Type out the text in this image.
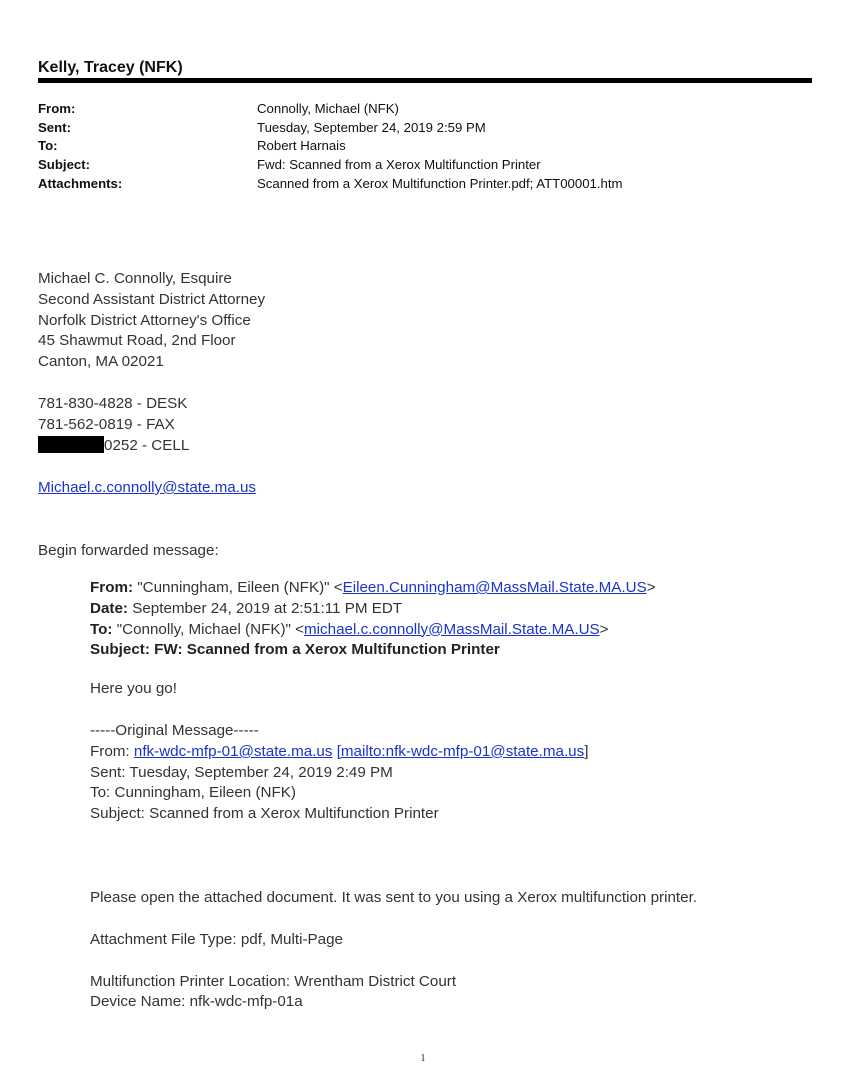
Kelly, Tracey (NFK)
From:	Connolly, Michael (NFK)
Sent:	Tuesday, September 24, 2019 2:59 PM
To:	Robert Harnais
Subject:	Fwd: Scanned from a Xerox Multifunction Printer
Attachments:	Scanned from a Xerox Multifunction Printer.pdf; ATT00001.htm
Michael C. Connolly, Esquire
Second Assistant District Attorney
Norfolk District Attorney's Office
45 Shawmut Road, 2nd Floor
Canton, MA 02021
781-830-4828 - DESK
781-562-0819 - FAX
0252 - CELL
Michael.c.connolly@state.ma.us
Begin forwarded message:
From: "Cunningham, Eileen (NFK)" <Eileen.Cunningham@MassMail.State.MA.US>
Date: September 24, 2019 at 2:51:11 PM EDT
To: "Connolly, Michael (NFK)" <michael.c.connolly@MassMail.State.MA.US>
Subject: FW: Scanned from a Xerox Multifunction Printer
Here you go!
-----Original Message-----
From: nfk-wdc-mfp-01@state.ma.us [mailto:nfk-wdc-mfp-01@state.ma.us]
Sent: Tuesday, September 24, 2019 2:49 PM
To: Cunningham, Eileen (NFK)
Subject: Scanned from a Xerox Multifunction Printer
Please open the attached document. It was sent to you using a Xerox multifunction printer.
Attachment File Type: pdf, Multi-Page
Multifunction Printer Location: Wrentham District Court
Device Name: nfk-wdc-mfp-01a
1
